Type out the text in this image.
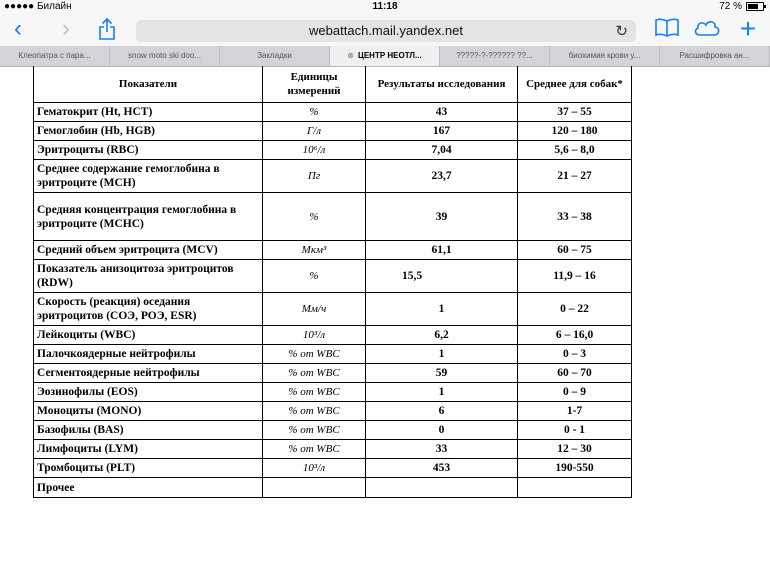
●●●●● Билайн	11:18	72 %
‹	›	webattach.mail.yandex.net	↻	+
Клеопатра с пара...	snow moto ski doo...	Закладки	⊗ ЦЕНТР НЕОТЛ...	?????-?-?????? ??...	биохимия крови у...	Расшифровка ан...
Показатели	Единицы измерений	Результаты исследования	Среднее для собак*
Гематокрит (Ht, HCT)	%	43	37 – 55
Гемоглобин (Hb, HGB)	Г/л	167	120 – 180
Эритроциты (RBC)	10⁶/л	7,04	5,6 – 8,0
Среднее содержание гемоглобина в эритроците (МСН)	Пг	23,7	21 – 27
Средняя концентрация гемоглобина в эритроците (МСНС)	%	39	33 – 38
Средний объем эритроцита (MCV)	Мкм³	61,1	60 – 75
Показатель анизоцитоза эритроцитов (RDW)	%	15,5	11,9 – 16
Скорость (реакция) оседания эритроцитов (СОЭ, РОЭ, ESR)	Мм/ч	1	0 – 22
Лейкоциты (WBC)	10³/л	6,2	6 – 16,0
Палочкоядерные нейтрофилы	% от WBC	1	0 – 3
Сегментоядерные нейтрофилы	% от WBC	59	60 – 70
Эозинофилы (EOS)	% от WBC	1	0 – 9
Моноциты (MONO)	% от WBC	6	1-7
Базофилы (BAS)	% от WBC	0	0 - 1
Лимфоциты (LYM)	% от WBC	33	12 – 30
Тромбоциты (PLT)	10³/л	453	190-550
Прочее			
